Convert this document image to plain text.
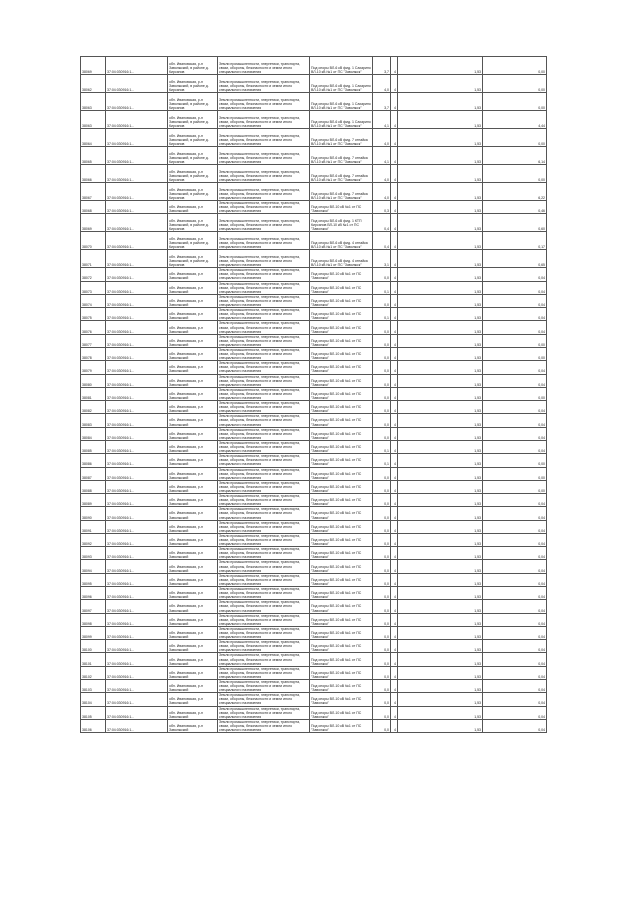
38069	37:04:030916:1...	обл. Ивановская, р-н Заволжский, в районе д. Кирсанов	Земли промышленности, энергетики, транспорта, связи, обороны, безопасности и земли иного специального назначения	Под опоры ВЛ-6 кВ фид. 1 Сахарино ВЛ-10 кВ №1 от ПС "Заволжск"	3,7	4	1,53	0,00
38062	37:04:030916:1...	обл. Ивановская, р-н Заволжский, в районе д. Кирсанов	Земли промышленности, энергетики, транспорта, связи, обороны, безопасности и земли иного специального назначения	Под опоры ВЛ-6 кВ фид. 1 Сахарино ВЛ-10 кВ №1 от ПС "Заволжск"	4,0	4	1,53	0,00
38063	37:04:030916:1...	обл. Ивановская, р-н Заволжский, в районе д. Кирсанов	Земли промышленности, энергетики, транспорта, связи, обороны, безопасности и земли иного специального назначения	Под опоры ВЛ-6 кВ фид. 1 Сахарино ВЛ-10 кВ №1 от ПС "Заволжск"	3,7	4	1,53	0,00
38063	37:04:030916:1...	обл. Ивановская, р-н Заволжский, в районе д. Кирсанов	Земли промышленности, энергетики, транспорта, связи, обороны, безопасности и земли иного специального назначения	Под опоры ВЛ-6 кВ фид. 1 Сахарино ВЛ-10 кВ №1 от ПС "Заволжск"	4,1	4	1,53	4,44
38064	37:04:030916:1...	обл. Ивановская, р-н Заволжский, в районе д. Кирсанов	Земли промышленности, энергетики, транспорта, связи, обороны, безопасности и земли иного специального назначения	Под опоры ВЛ-6 кВ фид. 7 отпайка ВЛ-10 кВ №1 от ПС "Заволжск"	4,0	4	1,53	0,00
38065	37:04:030916:1...	обл. Ивановская, р-н Заволжский, в районе д. Кирсанов	Земли промышленности, энергетики, транспорта, связи, обороны, безопасности и земли иного специального назначения	Под опоры ВЛ-6 кВ фид. 7 отпайка ВЛ-10 кВ №1 от ПС "Заволжск"	4,1	4	1,53	6,14
38066	37:04:030916:1...	обл. Ивановская, р-н Заволжский, в районе д. Кирсанов	Земли промышленности, энергетики, транспорта, связи, обороны, безопасности и земли иного специального назначения	Под опоры ВЛ-6 кВ фид. 7 отпайка ВЛ-10 кВ №1 от ПС "Заволжск"	4,0	4	1,53	0,00
38067	37:04:030916:1...	обл. Ивановская, р-н Заволжский, в районе д. Кирсанов	Земли промышленности, энергетики, транспорта, связи, обороны, безопасности и земли иного специального назначения	Под опоры ВЛ-6 кВ фид. 7 отпайка ВЛ-10 кВ №1 от ПС "Заволжск"	4,0	4	1,53	6,22
38068	37:04:030916:1...	обл. Ивановская, р-н Заволжский	Земли промышленности, энергетики, транспорта, связи, обороны, безопасности и земли иного специального назначения	Под опоры ВЛ-10 кВ №1 от ПС "Заволжск"	0,3	4	1,53	0,46
38069	37:04:030916:1...	обл. Ивановская, р-н Заволжский, в районе д. Кирсанов	Земли промышленности, энергетики, транспорта, связи, обороны, безопасности и земли иного специального назначения	Под опоры ВЛ-6 кВ фид. 1 КТП Кирсанов ВЛ-10 кВ №1 от ПС "Заволжск"	0,4	4	1,53	0,60
38070	37:04:030916:1...	обл. Ивановская, р-н Заволжский, в районе д. Кирсанов	Земли промышленности, энергетики, транспорта, связи, обороны, безопасности и земли иного специального назначения	Под опоры ВЛ-6 кВ фид. 4 отпайка ВЛ-10 кВ №1 от ПС "Заволжск"	0,4	4	1,53	0,17
38071	37:04:030916:1...	обл. Ивановская, р-н Заволжский, в районе д. Кирсанов	Земли промышленности, энергетики, транспорта, связи, обороны, безопасности и земли иного специального назначения	Под опоры ВЛ-6 кВ фид. 4 отпайка ВЛ-10 кВ №1 от ПС "Заволжск"	3,1	4	1,53	0,65
38072	37:04:030916:1...	обл. Ивановская, р-н Заволжский	Земли промышленности, энергетики, транспорта, связи, обороны, безопасности и земли иного специального назначения	Под опоры ВЛ-10 кВ №1 от ПС "Заволжск"	0,0	4	1,53	0,04
38073	37:04:030916:1...	обл. Ивановская, р-н Заволжский	Земли промышленности, энергетики, транспорта, связи, обороны, безопасности и земли иного специального назначения	Под опоры ВЛ-10 кВ №1 от ПС "Заволжск"	0,1	4	1,53	0,04
38074	37:04:030916:1...	обл. Ивановская, р-н Заволжский	Земли промышленности, энергетики, транспорта, связи, обороны, безопасности и земли иного специального назначения	Под опоры ВЛ-10 кВ №1 от ПС "Заволжск"	0,0	4	1,53	0,04
38075	37:04:030916:1...	обл. Ивановская, р-н Заволжский	Земли промышленности, энергетики, транспорта, связи, обороны, безопасности и земли иного специального назначения	Под опоры ВЛ-10 кВ №1 от ПС "Заволжск"	0,1	4	1,53	0,04
38076	37:04:030916:1...	обл. Ивановская, р-н Заволжский	Земли промышленности, энергетики, транспорта, связи, обороны, безопасности и земли иного специального назначения	Под опоры ВЛ-10 кВ №1 от ПС "Заволжск"	0,0	4	1,53	0,04
38077	37:04:030916:1...	обл. Ивановская, р-н Заволжский	Земли промышленности, энергетики, транспорта, связи, обороны, безопасности и земли иного специального назначения	Под опоры ВЛ-10 кВ №1 от ПС "Заволжск"	0,0	4	1,53	0,00
38078	37:04:030916:1...	обл. Ивановская, р-н Заволжский	Земли промышленности, энергетики, транспорта, связи, обороны, безопасности и земли иного специального назначения	Под опоры ВЛ-10 кВ №1 от ПС "Заволжск"	0,0	4	1,53	0,00
38079	37:04:030916:1...	обл. Ивановская, р-н Заволжский	Земли промышленности, энергетики, транспорта, связи, обороны, безопасности и земли иного специального назначения	Под опоры ВЛ-10 кВ №1 от ПС "Заволжск"	0,0	4	1,53	0,04
38080	37:04:030916:1...	обл. Ивановская, р-н Заволжский	Земли промышленности, энергетики, транспорта, связи, обороны, безопасности и земли иного специального назначения	Под опоры ВЛ-10 кВ №1 от ПС "Заволжск"	0,0	4	1,53	0,04
38081	37:04:030916:1...	обл. Ивановская, р-н Заволжский	Земли промышленности, энергетики, транспорта, связи, обороны, безопасности и земли иного специального назначения	Под опоры ВЛ-10 кВ №1 от ПС "Заволжск"	0,0	4	1,53	0,00
38082	37:04:030916:1...	обл. Ивановская, р-н Заволжский	Земли промышленности, энергетики, транспорта, связи, обороны, безопасности и земли иного специального назначения	Под опоры ВЛ-10 кВ №1 от ПС "Заволжск"	0,0	4	1,53	0,04
38083	37:04:030916:1...	обл. Ивановская, р-н Заволжский	Земли промышленности, энергетики, транспорта, связи, обороны, безопасности и земли иного специального назначения	Под опоры ВЛ-10 кВ №1 от ПС "Заволжск"	0,0	4	1,53	0,04
38084	37:04:030916:1...	обл. Ивановская, р-н Заволжский	Земли промышленности, энергетики, транспорта, связи, обороны, безопасности и земли иного специального назначения	Под опоры ВЛ-10 кВ №1 от ПС "Заволжск"	0,0	4	1,53	0,04
38085	37:04:030916:1...	обл. Ивановская, р-н Заволжский	Земли промышленности, энергетики, транспорта, связи, обороны, безопасности и земли иного специального назначения	Под опоры ВЛ-10 кВ №1 от ПС "Заволжск"	0,1	4	1,53	0,04
38086	37:04:030916:1...	обл. Ивановская, р-н Заволжский	Земли промышленности, энергетики, транспорта, связи, обороны, безопасности и земли иного специального назначения	Под опоры ВЛ-10 кВ №1 от ПС "Заволжск"	0,1	4	1,53	0,00
38087	37:04:030916:1...	обл. Ивановская, р-н Заволжский	Земли промышленности, энергетики, транспорта, связи, обороны, безопасности и земли иного специального назначения	Под опоры ВЛ-10 кВ №1 от ПС "Заволжск"	0,0	4	1,53	0,00
38088	37:04:030916:1...	обл. Ивановская, р-н Заволжский	Земли промышленности, энергетики, транспорта, связи, обороны, безопасности и земли иного специального назначения	Под опоры ВЛ-10 кВ №1 от ПС "Заволжск"	0,0	4	1,53	0,00
38089	37:04:030916:1...	обл. Ивановская, р-н Заволжский	Земли промышленности, энергетики, транспорта, связи, обороны, безопасности и земли иного специального назначения	Под опоры ВЛ-10 кВ №1 от ПС "Заволжск"	0,0	4	1,53	0,04
38090	37:04:030916:1...	обл. Ивановская, р-н Заволжский	Земли промышленности, энергетики, транспорта, связи, обороны, безопасности и земли иного специального назначения	Под опоры ВЛ-10 кВ №1 от ПС "Заволжск"	0,0	4	1,53	0,04
38091	37:04:030916:1...	обл. Ивановская, р-н Заволжский	Земли промышленности, энергетики, транспорта, связи, обороны, безопасности и земли иного специального назначения	Под опоры ВЛ-10 кВ №1 от ПС "Заволжск"	0,0	4	1,53	0,04
38092	37:04:030916:1...	обл. Ивановская, р-н Заволжский	Земли промышленности, энергетики, транспорта, связи, обороны, безопасности и земли иного специального назначения	Под опоры ВЛ-10 кВ №1 от ПС "Заволжск"	0,0	4	1,53	0,04
38093	37:04:030916:1...	обл. Ивановская, р-н Заволжский	Земли промышленности, энергетики, транспорта, связи, обороны, безопасности и земли иного специального назначения	Под опоры ВЛ-10 кВ №1 от ПС "Заволжск"	0,0	4	1,53	0,04
38094	37:04:030916:1...	обл. Ивановская, р-н Заволжский	Земли промышленности, энергетики, транспорта, связи, обороны, безопасности и земли иного специального назначения	Под опоры ВЛ-10 кВ №1 от ПС "Заволжск"	0,0	4	1,53	0,04
38095	37:04:030916:1...	обл. Ивановская, р-н Заволжский	Земли промышленности, энергетики, транспорта, связи, обороны, безопасности и земли иного специального назначения	Под опоры ВЛ-10 кВ №1 от ПС "Заволжск"	0,0	4	1,53	0,04
38096	37:04:030916:1...	обл. Ивановская, р-н Заволжский	Земли промышленности, энергетики, транспорта, связи, обороны, безопасности и земли иного специального назначения	Под опоры ВЛ-10 кВ №1 от ПС "Заволжск"	0,0	4	1,53	0,04
38097	37:04:030916:1...	обл. Ивановская, р-н Заволжский	Земли промышленности, энергетики, транспорта, связи, обороны, безопасности и земли иного специального назначения	Под опоры ВЛ-10 кВ №1 от ПС "Заволжск"	0,0	4	1,53	0,04
38098	37:04:030916:1...	обл. Ивановская, р-н Заволжский	Земли промышленности, энергетики, транспорта, связи, обороны, безопасности и земли иного специального назначения	Под опоры ВЛ-10 кВ №1 от ПС "Заволжск"	0,0	4	1,53	0,04
38099	37:04:030916:1...	обл. Ивановская, р-н Заволжский	Земли промышленности, энергетики, транспорта, связи, обороны, безопасности и земли иного специального назначения	Под опоры ВЛ-10 кВ №1 от ПС "Заволжск"	0,0	4	1,53	0,04
38100	37:04:030916:1...	обл. Ивановская, р-н Заволжский	Земли промышленности, энергетики, транспорта, связи, обороны, безопасности и земли иного специального назначения	Под опоры ВЛ-10 кВ №1 от ПС "Заволжск"	0,0	4	1,53	0,04
38101	37:04:030916:1...	обл. Ивановская, р-н Заволжский	Земли промышленности, энергетики, транспорта, связи, обороны, безопасности и земли иного специального назначения	Под опоры ВЛ-10 кВ №1 от ПС "Заволжск"	0,0	4	1,53	0,04
38102	37:04:030916:1...	обл. Ивановская, р-н Заволжский	Земли промышленности, энергетики, транспорта, связи, обороны, безопасности и земли иного специального назначения	Под опоры ВЛ-10 кВ №1 от ПС "Заволжск"	0,0	4	1,53	0,04
38103	37:04:030916:1...	обл. Ивановская, р-н Заволжский	Земли промышленности, энергетики, транспорта, связи, обороны, безопасности и земли иного специального назначения	Под опоры ВЛ-10 кВ №1 от ПС "Заволжск"	0,0	4	1,53	0,04
38104	37:04:030916:1...	обл. Ивановская, р-н Заволжский	Земли промышленности, энергетики, транспорта, связи, обороны, безопасности и земли иного специального назначения	Под опоры ВЛ-10 кВ №1 от ПС "Заволжск"	0,0	4	1,53	0,04
38105	37:04:030916:1...	обл. Ивановская, р-н Заволжский	Земли промышленности, энергетики, транспорта, связи, обороны, безопасности и земли иного специального назначения	Под опоры ВЛ-10 кВ №1 от ПС "Заволжск"	0,0	4	1,53	0,04
38106	37:04:030916:1...	обл. Ивановская, р-н Заволжский	Земли промышленности, энергетики, транспорта, связи, обороны, безопасности и земли иного специального назначения	Под опоры ВЛ-10 кВ №1 от ПС "Заволжск"	0,0	4	1,53	0,04
